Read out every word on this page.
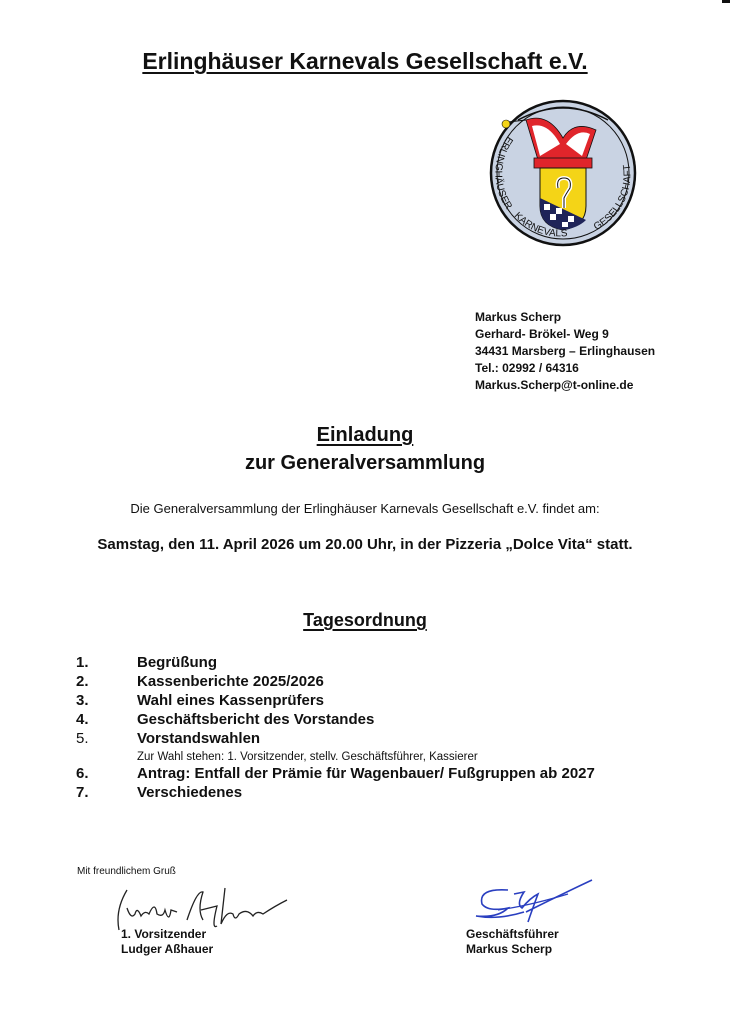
Erlinghäuser Karnevals Gesellschaft e.V.
ERLINGHÄUSER
KARNEVALS
GESELLSCHAFT
Markus Scherp
Gerhard- Brökel- Weg 9
34431 Marsberg – Erlinghausen
Tel.: 02992 / 64316
Markus.Scherp@t-online.de
Einladung
zur Generalversammlung
Die Generalversammlung der Erlinghäuser Karnevals Gesellschaft e.V. findet am:
Samstag, den 11. April 2026 um 20.00 Uhr, in der Pizzeria „Dolce Vita“ statt.
Tagesordnung
1.	Begrüßung
2.	Kassenberichte 2025/2026
3.	Wahl eines Kassenprüfers
4.	Geschäftsbericht des Vorstandes
5.	Vorstandswahlen
Zur Wahl stehen: 1. Vorsitzender, stellv. Geschäftsführer, Kassierer
6.	Antrag: Entfall der Prämie für Wagenbauer/ Fußgruppen ab 2027
7.	Verschiedenes
Mit freundlichem Gruß
1. Vorsitzender
Ludger Aßhauer
Geschäftsführer
Markus Scherp
